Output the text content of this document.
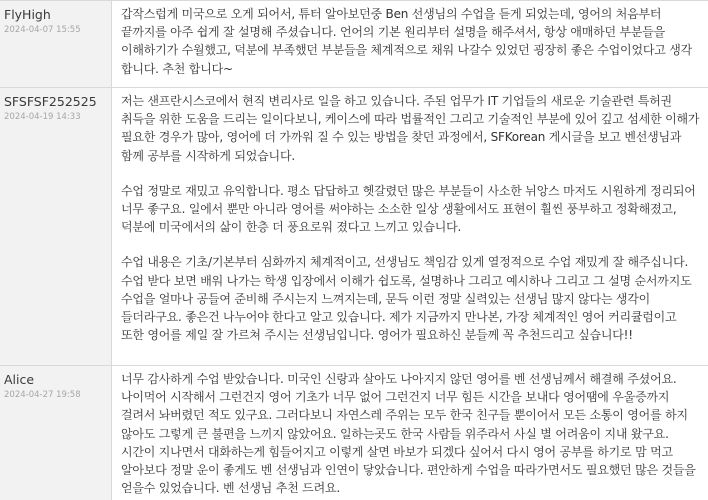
FlyHigh
2024-04-07 15:55

갑작스럽게 미국으로 오게 되어서, 튜터 알아보던중 Ben 선생님의 수업을 듣게 되었는데, 영어의 처음부터 끝까지를 아주 쉽게 잘 설명해 주셨습니다. 언어의 기본 원리부터 설명을 해주셔서, 항상 애매하던 부분들을 이해하기가 수월했고, 덕분에 부족했던 부분들을 체계적으로 채워 나갈수 있었던 굉장히 좋은 수업이었다고 생각 합니다. 추천 합니다~

SFSFSF252525
2024-04-19 14:33

저는 샌프란시스코에서 현직 변리사로 일을 하고 있습니다. 주된 업무가 IT 기업들의 새로운 기술관련 특허권 취득을 위한 도움을 드리는 일이다보니, 케이스에 따라 법률적인 그리고 기술적인 부분에 있어 깊고 섬세한 이해가 필요한 경우가 많아, 영어에 더 가까워 질 수 있는 방법을 찾던 과정에서, SFKorean 게시글을 보고 벤선생님과 함께 공부를 시작하게 되었습니다.

수업 정말로 재밌고 유익합니다. 평소 답답하고 헷갈렸던 많은 부분들이 사소한 뉘앙스 마저도 시원하게 정리되어 너무 좋구요. 일에서 뿐만 아니라 영어를 써야하는 소소한 일상 생활에서도 표현이 훨씬 풍부하고 정확해졌고, 덕분에 미국에서의 삶이 한층 더 풍요로워 졌다고 느끼고 있습니다.

수업 내용은 기초/기본부터 심화까지 체계적이고, 선생님도 책임감 있게 열정적으로 수업 재밌게 잘 해주십니다. 수업 받다 보면 배워 나가는 학생 입장에서 이해가 쉽도록, 설명하나 그리고 예시하나 그리고 그 설명 순서까지도 수업을 얼마나 공들여 준비해 주시는지 느껴지는데, 문득 이런 정말 실력있는 선생님 많지 않다는 생각이 들더라구요. 좋은건 나누어야 한다고 알고 있습니다. 제가 지금까지 만나본, 가장 체계적인 영어 커리큘럼이고 또한 영어를 제일 잘 가르쳐 주시는 선생님입니다. 영어가 필요하신 분들께 꼭 추천드리고 싶습니다!!

Alice
2024-04-27 19:58

너무 감사하게 수업 받았습니다. 미국인 신랑과 살아도 나아지지 않던 영어를 벤 선생님께서 해결해 주셨어요. 나이먹어 시작해서 그런건지 영어 기초가 너무 없어 그런건지 너무 힘든 시간을 보내다 영어땜에 우울증까지 걸려서 놔버렸던 적도 있구요. 그러다보니 자연스레 주위는 모두 한국 친구들 뿐이어서 모든 소통이 영어를 하지 않아도 그렇게 큰 불편을 느끼지 않았어요. 일하는곳도 한국 사람들 위주라서 사실 별 어려움이 지내 왔구요. 시간이 지나면서 대화하는게 힘들어지고 이렇게 살면 바보가 되겠다 싶어서 다시 영어 공부를 하기로 맘 먹고 알아보다 정말 운이 좋게도 벤 선생님과 인연이 닿았습니다. 편안하게 수업을 따라가면서도 필요했던 많은 것들을 얻을수 있었습니다. 벤 선생님 추천 드려요.
